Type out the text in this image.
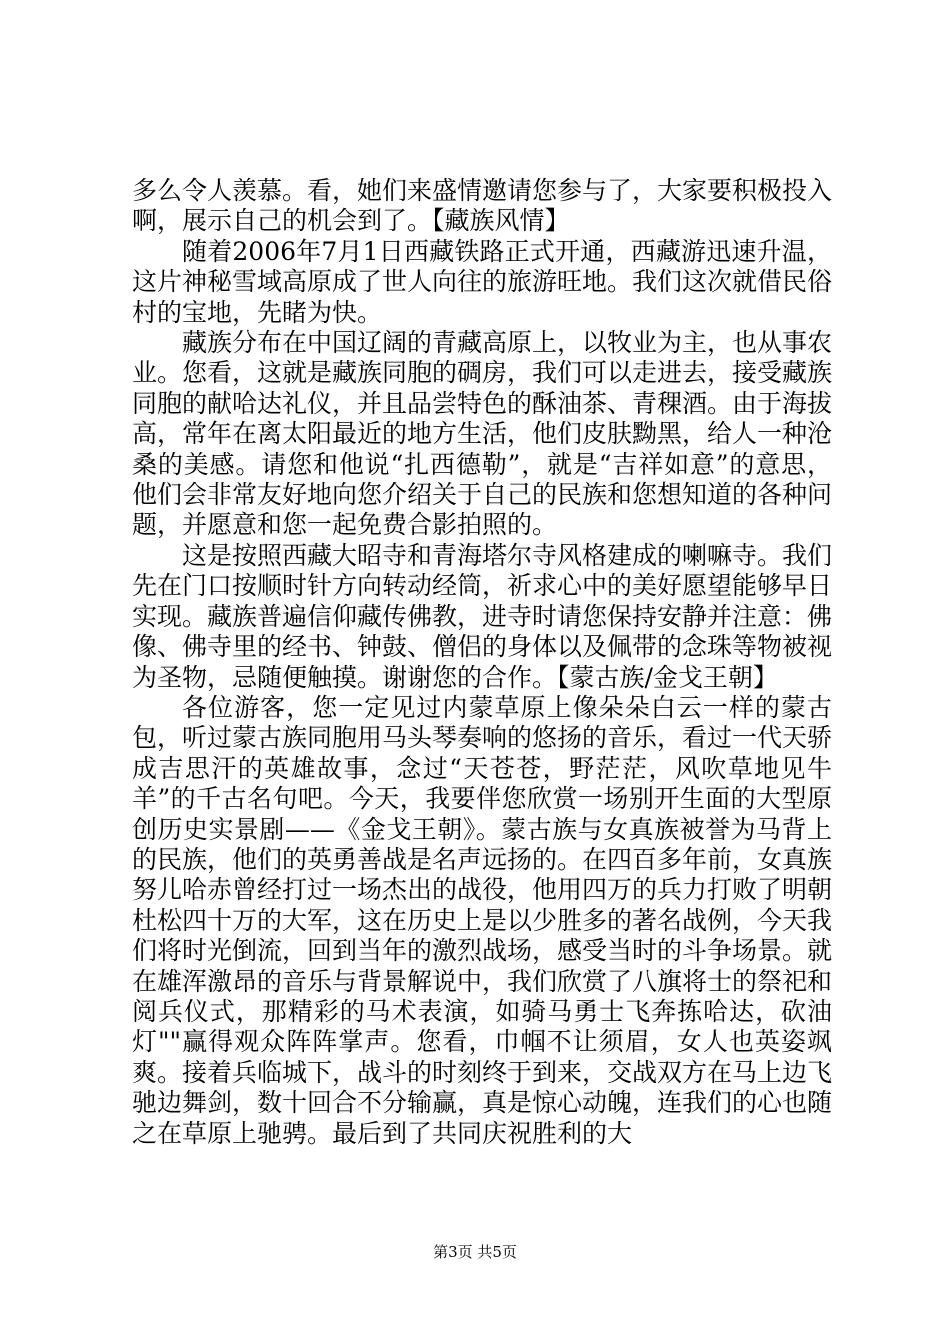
多么令人羡慕。看，她们来盛情邀请您参与了，大家要积极投入啊，展示自己的机会到了。【藏族风情】

随着2006年7月1日西藏铁路正式开通，西藏游迅速升温，这片神秘雪域高原成了世人向往的旅游旺地。我们这次就借民俗村的宝地，先睹为快。

藏族分布在中国辽阔的青藏高原上，以牧业为主，也从事农业。您看，这就是藏族同胞的碉房，我们可以走进去，接受藏族同胞的献哈达礼仪，并且品尝特色的酥油茶、青稞酒。由于海拔高，常年在离太阳最近的地方生活，他们皮肤黝黑，给人一种沧桑的美感。请您和他说“扎西德勒”，就是“吉祥如意”的意思，他们会非常友好地向您介绍关于自己的民族和您想知道的各种问题，并愿意和您一起免费合影拍照的。

这是按照西藏大昭寺和青海塔尔寺风格建成的喇嘛寺。我们先在门口按顺时针方向转动经筒，祈求心中的美好愿望能够早日实现。藏族普遍信仰藏传佛教，进寺时请您保持安静并注意：佛像、佛寺里的经书、钟鼓、僧侣的身体以及佩带的念珠等物被视为圣物，忌随便触摸。谢谢您的合作。【蒙古族/金戈王朝】

各位游客，您一定见过内蒙草原上像朵朵白云一样的蒙古包，听过蒙古族同胞用马头琴奏响的悠扬的音乐，看过一代天骄成吉思汗的英雄故事，念过“天苍苍，野茫茫，风吹草地见牛羊”的千古名句吧。今天，我要伴您欣赏一场别开生面的大型原创历史实景剧——《金戈王朝》。蒙古族与女真族被誉为马背上的民族，他们的英勇善战是名声远扬的。在四百多年前，女真族努儿哈赤曾经打过一场杰出的战役，他用四万的兵力打败了明朝杜松四十万的大军，这在历史上是以少胜多的著名战例，今天我们将时光倒流，回到当年的激烈战场，感受当时的斗争场景。就在雄浑激昂的音乐与背景解说中，我们欣赏了八旗将士的祭祀和阅兵仪式，那精彩的马术表演，如骑马勇士飞奔拣哈达，砍油灯""赢得观众阵阵掌声。您看，巾帼不让须眉，女人也英姿飒爽。接着兵临城下，战斗的时刻终于到来，交战双方在马上边飞驰边舞剑，数十回合不分输赢，真是惊心动魄，连我们的心也随之在草原上驰骋。最后到了共同庆祝胜利的大

第3页 共5页
